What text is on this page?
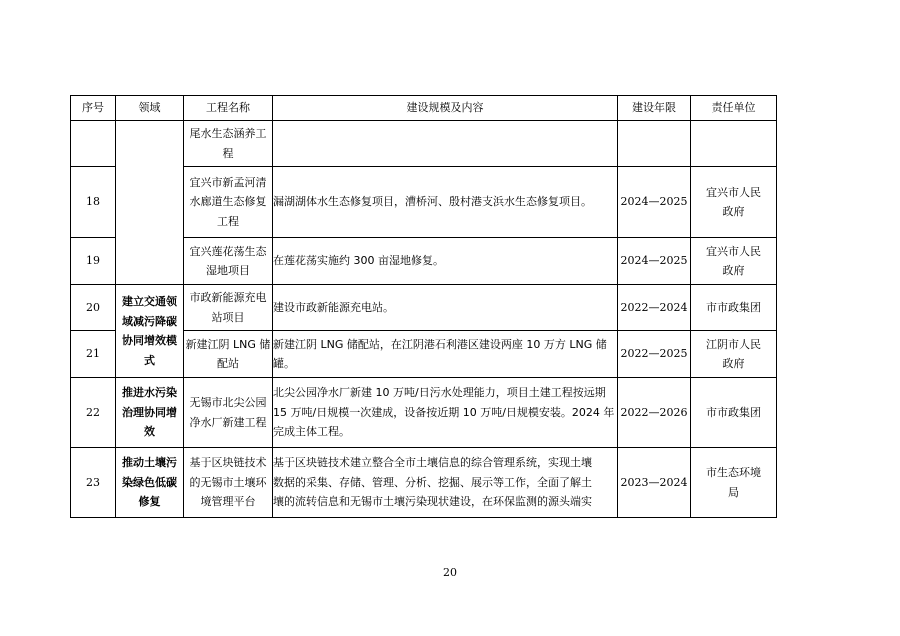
序号	领域	工程名称	建设规模及内容	建设年限	责任单位

		尾水生态涵养工
程			

18		宜兴市新孟河清
水廊道生态修复
工程	漏湖湖体水生态修复项目，漕桥河、殷村港支浜水生态修复项目。	2024—2025	宜兴市人民
政府

19		宜兴莲花荡生态
湿地项目	在莲花荡实施约 300 亩湿地修复。	2024—2025	宜兴市人民
政府

20	建立交通领
域减污降碳
协同增效模
式	市政新能源充电
站项目	建设市政新能源充电站。	2022—2024	市市政集团

21		新建江阴 LNG 储
配站	新建江阴 LNG 储配站，在江阴港石利港区建设两座 10 万方 LNG 储
罐。	2022—2025	江阴市人民
政府

22	推进水污染
治理协同增
效	无锡市北尖公园
净水厂新建工程	北尖公园净水厂新建 10 万吨/日污水处理能力，项目土建工程按远期
15 万吨/日规模一次建成，设备按近期 10 万吨/日规模安装。2024 年
完成主体工程。	2022—2026	市市政集团

23	推动土壤污
染绿色低碳
修复	基于区块链技术
的无锡市土壤环
境管理平台	基于区块链技术建立整合全市土壤信息的综合管理系统，实现土壤
数据的采集、存储、管理、分析、挖掘、展示等工作，全面了解土
壤的流转信息和无锡市土壤污染现状建设，在环保监测的源头端实	2023—2024	市生态环境
局
20
